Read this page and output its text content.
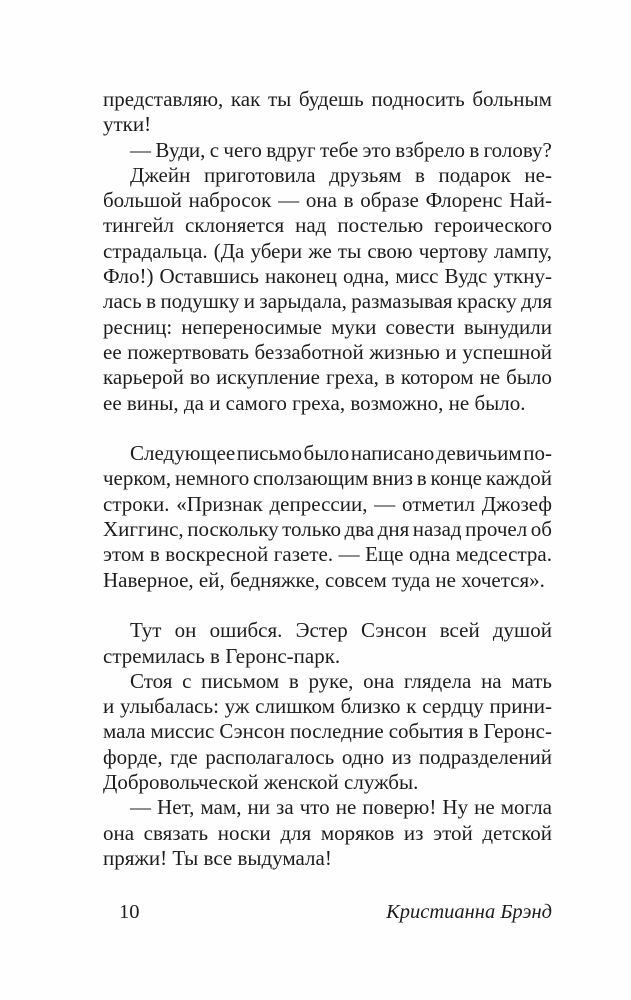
представляю, как ты будешь подносить больным
утки!
— Вуди, с чего вдруг тебе это взбрело в голову?
Джейн приготовила друзьям в подарок не-
большой набросок — она в образе Флоренс Най-
тингейл склоняется над постелью героического
страдальца. (Да убери же ты свою чертову лампу,
Фло!) Оставшись наконец одна, мисс Вудс уткну-
лась в подушку и зарыдала, размазывая краску для
ресниц: непереносимые муки совести вынудили
ее пожертвовать беззаботной жизнью и успешной
карьерой во искупление греха, в котором не было
ее вины, да и самого греха, возможно, не было.
Следующее письмо было написано девичьим по-
черком, немного сползающим вниз в конце каждой
строки. «Признак депрессии, — отметил Джозеф
Хиггинс, поскольку только два дня назад прочел об
этом в воскресной газете. — Еще одна медсестра.
Наверное, ей, бедняжке, совсем туда не хочется».
Тут он ошибся. Эстер Сэнсон всей душой
стремилась в Геронс-парк.
Стоя с письмом в руке, она глядела на мать
и улыбалась: уж слишком близко к сердцу прини-
мала миссис Сэнсон последние события в Геронс-
форде, где располагалось одно из подразделений
Добровольческой женской службы.
— Нет, мам, ни за что не поверю! Ну не могла
она связать носки для моряков из этой детской
пряжи! Ты все выдумала!
10	Кристианна Брэнд
